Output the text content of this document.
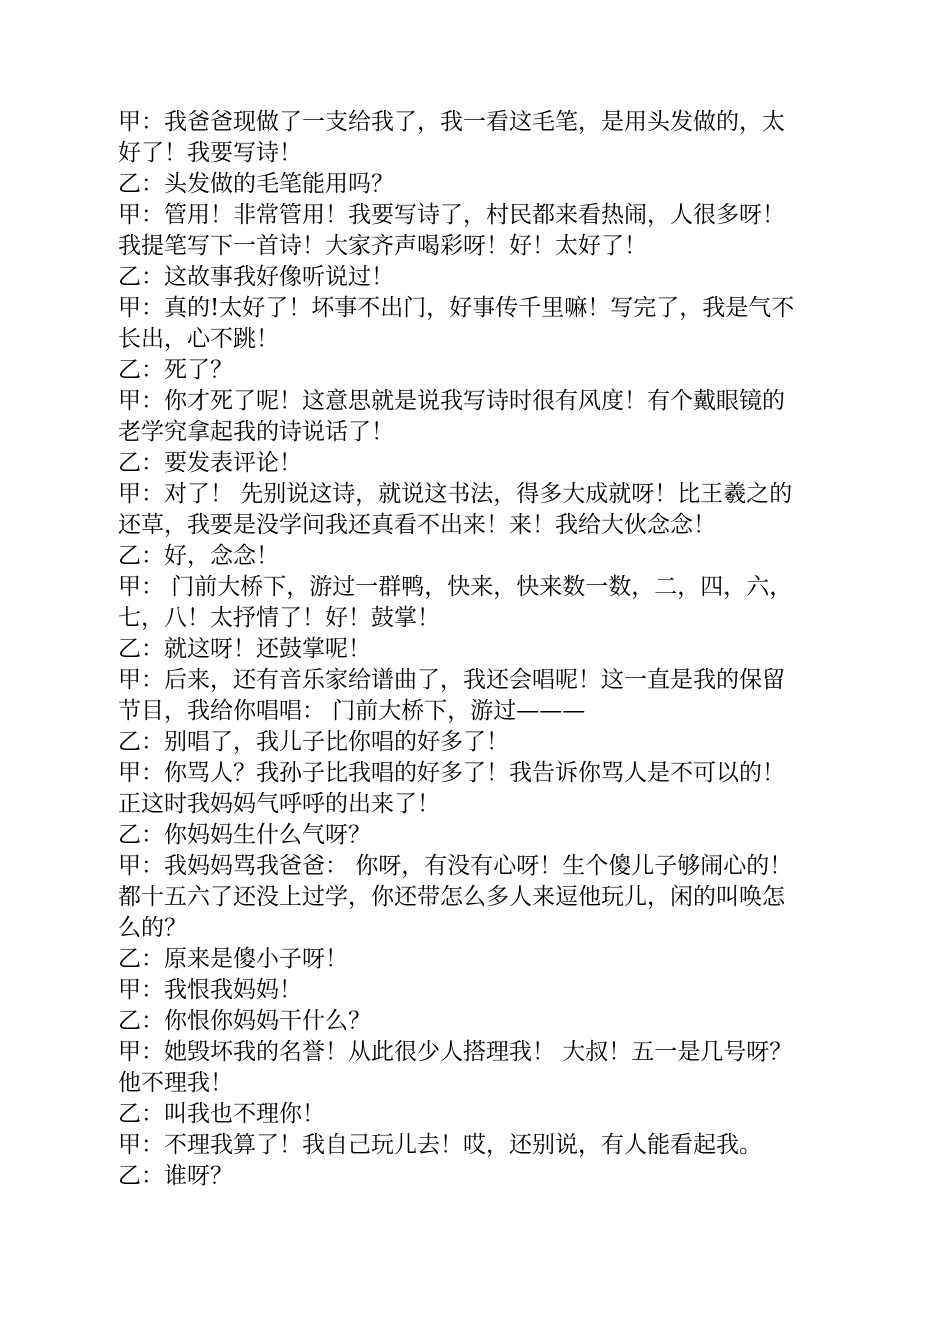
甲：我爸爸现做了一支给我了，我一看这毛笔，是用头发做的，太
好了！我要写诗！
乙：头发做的毛笔能用吗？
甲：管用！非常管用！我要写诗了，村民都来看热闹，人很多呀！
我提笔写下一首诗！大家齐声喝彩呀！好！太好了！
乙：这故事我好像听说过！
甲：真的!太好了！坏事不出门，好事传千里嘛！写完了，我是气不
长出，心不跳！
乙：死了？
甲：你才死了呢！这意思就是说我写诗时很有风度！有个戴眼镜的
老学究拿起我的诗说话了！
乙：要发表评论！
甲：对了！ 先别说这诗，就说这书法，得多大成就呀！比王羲之的
还草，我要是没学问我还真看不出来！来！我给大伙念念！
乙：好，念念！
甲： 门前大桥下，游过一群鸭，快来，快来数一数，二，四，六，
七，八！太抒情了！好！鼓掌！
乙：就这呀！还鼓掌呢！
甲：后来，还有音乐家给谱曲了，我还会唱呢！这一直是我的保留
节目，我给你唱唱： 门前大桥下，游过———
乙：别唱了，我儿子比你唱的好多了！
甲：你骂人？我孙子比我唱的好多了！我告诉你骂人是不可以的！
正这时我妈妈气呼呼的出来了！
乙：你妈妈生什么气呀？
甲：我妈妈骂我爸爸： 你呀，有没有心呀！生个傻儿子够闹心的！
都十五六了还没上过学，你还带怎么多人来逗他玩儿，闲的叫唤怎
么的？
乙：原来是傻小子呀！
甲：我恨我妈妈！
乙：你恨你妈妈干什么？
甲：她毁坏我的名誉！从此很少人搭理我！ 大叔！五一是几号呀？
他不理我！
乙：叫我也不理你！
甲：不理我算了！我自己玩儿去！哎，还别说，有人能看起我。
乙：谁呀？
